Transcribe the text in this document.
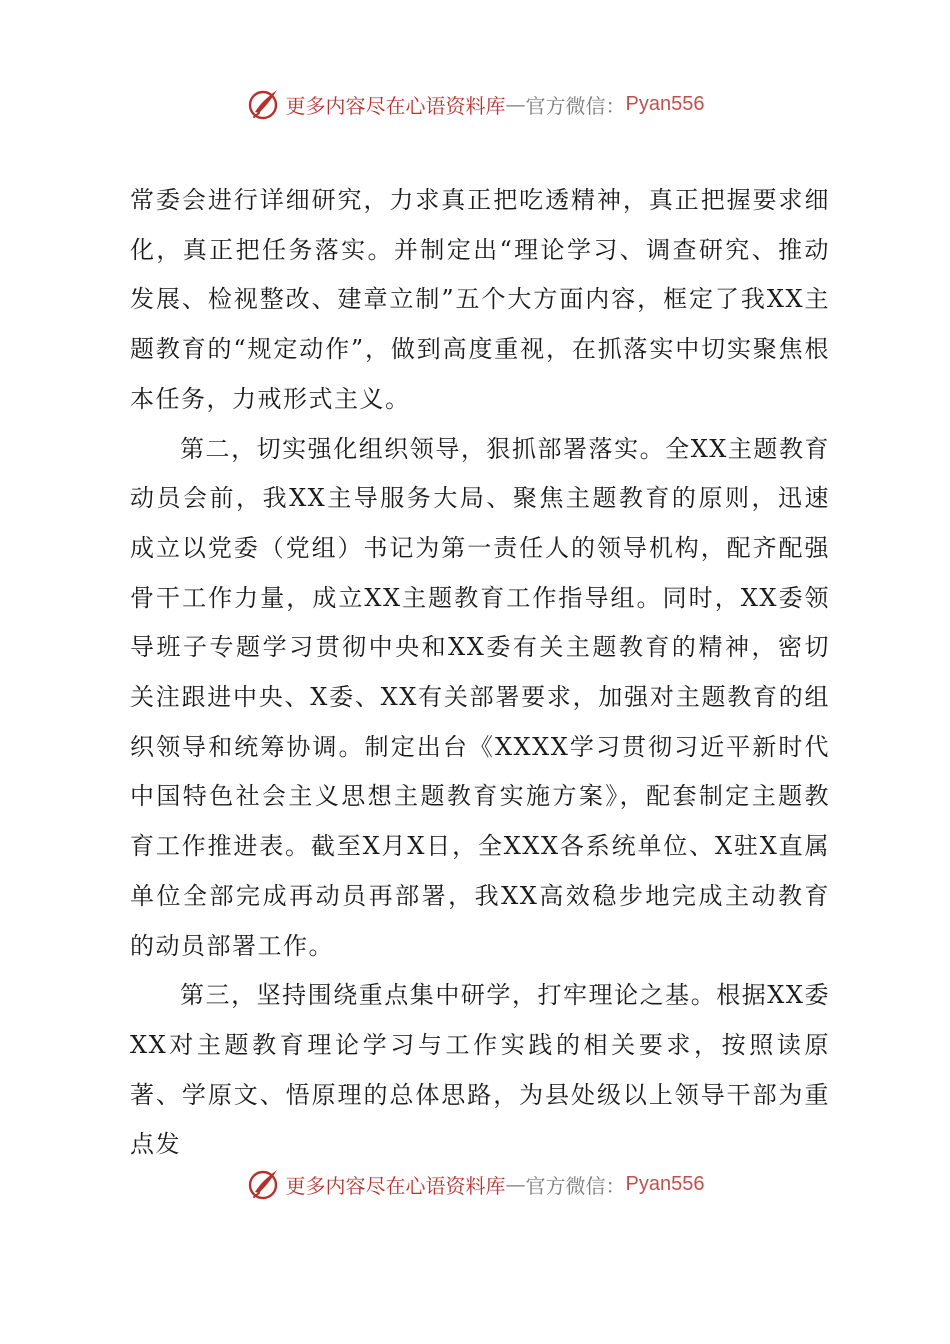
更多内容尽在心语资料库 — 官方微信： Pyan556

常委会进行详细研究，力求真正把吃透精神，真正把握要求细化，真正把任务落实。并制定出“理论学习、调查研究、推动发展、检视整改、建章立制”五个大方面内容，框定了我XX主题教育的“规定动作”，做到高度重视，在抓落实中切实聚焦根本任务，力戒形式主义。

第二，切实强化组织领导，狠抓部署落实。全XX主题教育动员会前，我XX主导服务大局、聚焦主题教育的原则，迅速成立以党委（党组）书记为第一责任人的领导机构，配齐配强骨干工作力量，成立XX主题教育工作指导组。同时，XX委领导班子专题学习贯彻中央和XX委有关主题教育的精神，密切关注跟进中央、X委、XX有关部署要求，加强对主题教育的组织领导和统筹协调。制定出台《XXXX学习贯彻习近平新时代中国特色社会主义思想主题教育实施方案》，配套制定主题教育工作推进表。截至X月X日，全XXX各系统单位、X驻X直属单位全部完成再动员再部署，我XX高效稳步地完成主动教育的动员部署工作。

第三，坚持围绕重点集中研学，打牢理论之基。根据XX委XX对主题教育理论学习与工作实践的相关要求，按照读原著、学原文、悟原理的总体思路，为县处级以上领导干部为重点发

更多内容尽在心语资料库 — 官方微信： Pyan556
